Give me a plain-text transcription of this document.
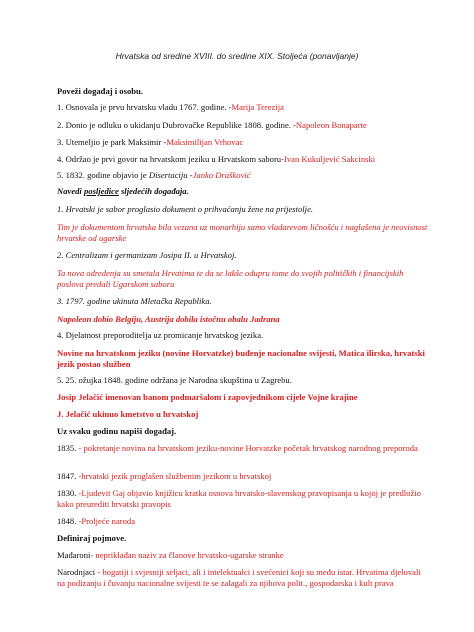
Hrvatska od sredine XVIII. do sredine XIX. Stoljeća (ponavljanje)
Poveži događaj i osobu.
1. Osnovala je prvu hrvatsku vladu 1767. godine. -Marija Terezija
2. Donio je odluku o ukidanju Dubrovačke Republike 1808. godine. -Napoleon Bonaparte
3. Utemeljio je park Maksimir -Maksimilijan Vrhovac
4. Održao je prvi govor na hrvatskom jeziku u Hrvatskom saboru-Ivan Kukuljević Sakcinski
5. 1832. godine objavio je Disertaciju -Janko Drašković
Navedi posljedice sljedećih događaja.
1. Hrvatski je sabor proglasio dokument o prihvaćanju žene na prijestolje.
Tim je dokumentom hrvatska bila vezana uz monarhiju samo vladarevom ličnošću i naglašena je neovisnost hrvatske od ugarske
2. Centralizam i germanizam Josipa II. u Hrvatskoj.
Ta nova odredenja su smetala Hrvatima te da se lakše odupru tome do svojih političkih i financijskih poslova predali Ugarskom saboru
3. 1797. godine ukinuta Mletačka Republika.
Napoleon dobio Belgiju, Austrija dobila istočnu obalu Jadrana
4. Djelatnost preporoditelja uz promicanje hrvatskog jezika.
Novine na hrvatskom jeziku (novine Horvatzke) buđenje nacionalne svijesti, Matica ilirska, hrvatski jezik postao služben
5. 25. ožujka 1848. godine održana je Narodna skupština u Zagrebu.
Josip Jelačić imenovan banom podmaršalom i zapovjednikom cijele Vojne krajine
J. Jelačić ukinuo kmetstvo u hrvatskoj
Uz svaku godinu napiši događaj.
1835. - pokretanje novina na hrvatskom jeziku-novine Horvatzke početak hrvatskog narodnog preporoda
1847. -hrvatski jezik proglašen službenim jezikom u hrvatskoj
1830. -Ljudevit Gaj objavio knjižicu kratka osnova hrvatsko-slavenskog pravopisanja u kojoj je predložio kako preurediti hrvatski pravopis
1848. -Proljeće naroda
Definiraj pojmove.
Mađaroni- nepriklađan naziv za članove hrvatsko-ugarske stranke
Narodnjaci - bogatiji i svjesniji seljaci, ali i intelektualci i svećenici koji su među istar. Hrvatima djelovali na podizanju i čuvanju nacionalne svijesti te se zalagali za njihova polit., gospodarska i kult prava
